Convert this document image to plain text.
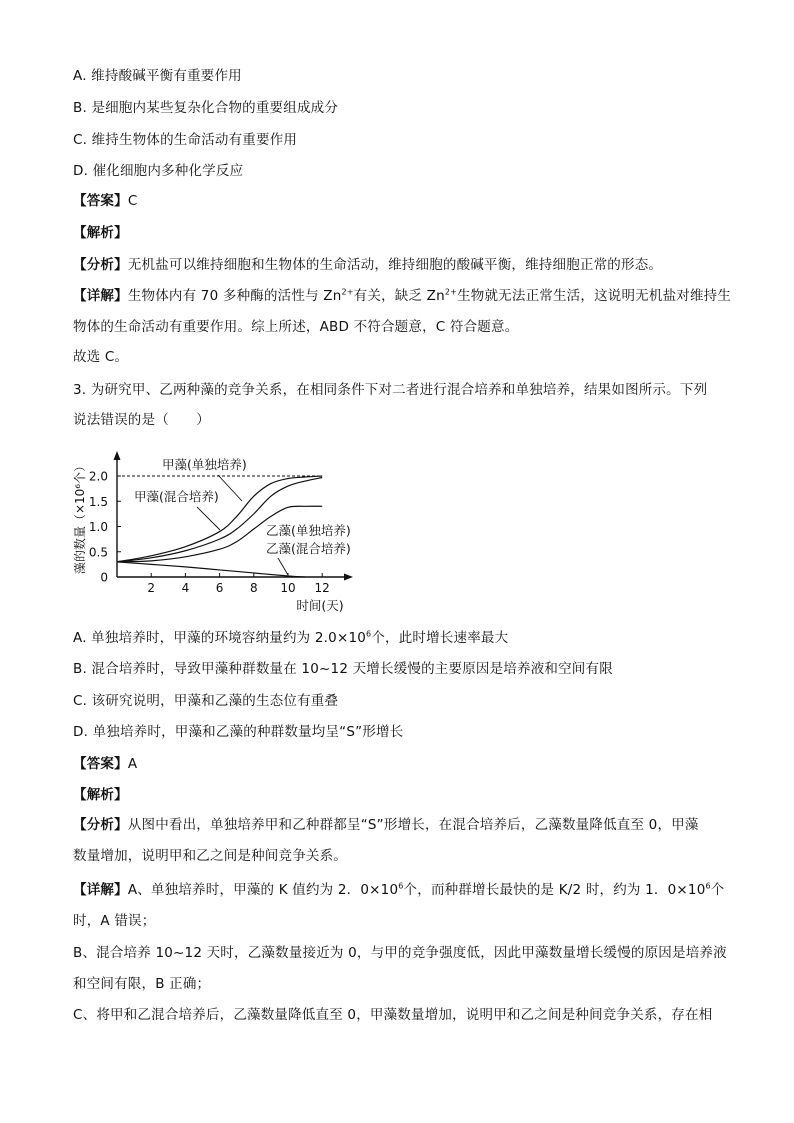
A. 维持酸碱平衡有重要作用
B. 是细胞内某些复杂化合物的重要组成成分
C. 维持生物体的生命活动有重要作用
D. 催化细胞内多种化学反应
【答案】C
【解析】
【分析】无机盐可以维持细胞和生物体的生命活动，维持细胞的酸碱平衡，维持细胞正常的形态。
【详解】生物体内有 70 多种酶的活性与 $Zn^{2+}$有关，缺乏 $Zn^{2+}$生物就无法正常生活，这说明无机盐对维持生
物体的生命活动有重要作用。综上所述，ABD 不符合题意，C 符合题意。
故选 C。
3. 为研究甲、乙两种藻的竞争关系，在相同条件下对二者进行混合培养和单独培养，结果如图所示。下列
说法错误的是（　　）
2 4 6 8 10 12
0
0.5
1.0
1.5
2.0
甲藻(单独培养)
甲藻(混合培养)
乙藻(单独培养)
乙藻(混合培养)
时间(天)
藻的数量（×10⁶个）
A. 单独培养时，甲藻的环境容纳量约为 $2.0\times 10^6$个，此时增长速率最大
B. 混合培养时，导致甲藻种群数量在 10~12 天增长缓慢的主要原因是培养液和空间有限
C. 该研究说明，甲藻和乙藻的生态位有重叠
D. 单独培养时，甲藻和乙藻的种群数量均呈“S”形增长
【答案】A
【解析】
【分析】从图中看出，单独培养甲和乙种群都呈“S”形增长，在混合培养后，乙藻数量降低直至 0，甲藻
数量增加，说明甲和乙之间是种间竞争关系。
【详解】A、单独培养时，甲藻的 K 值约为 2．$0\times 10^6$个，而种群增长最快的是 K/2 时，约为 1．$0\times 10^6$个
时，A 错误；
B、混合培养 10~12 天时，乙藻数量接近为 0，与甲的竞争强度低，因此甲藻数量增长缓慢的原因是培养液
和空间有限，B 正确；
C、将甲和乙混合培养后，乙藻数量降低直至 0，甲藻数量增加，说明甲和乙之间是种间竞争关系，存在相
